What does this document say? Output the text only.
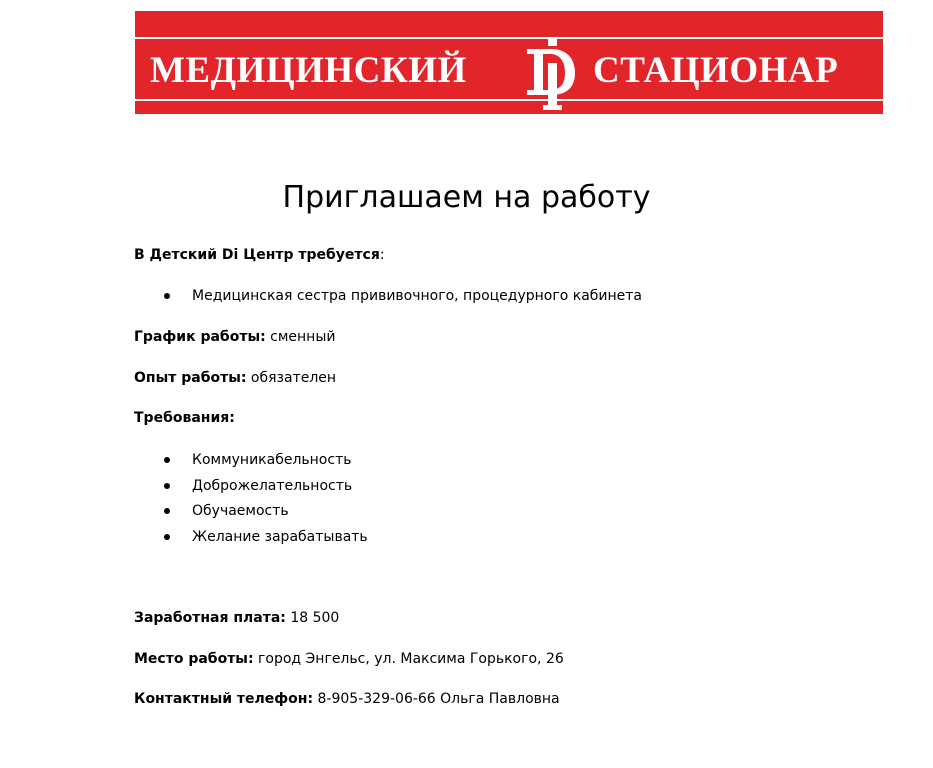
МЕДИЦИНСКИЙ	СТАЦИОНАР
Приглашаем на работу
В Детский Di Центр требуется:
Медицинская сестра прививочного, процедурного кабинета
График работы: сменный
Опыт работы: обязателен
Требования:
Коммуникабельность
Доброжелательность
Обучаемость
Желание зарабатывать
Заработная плата: 18 500
Место работы: город Энгельс, ул. Максима Горького, 26
Контактный телефон: 8-905-329-06-66 Ольга Павловна
